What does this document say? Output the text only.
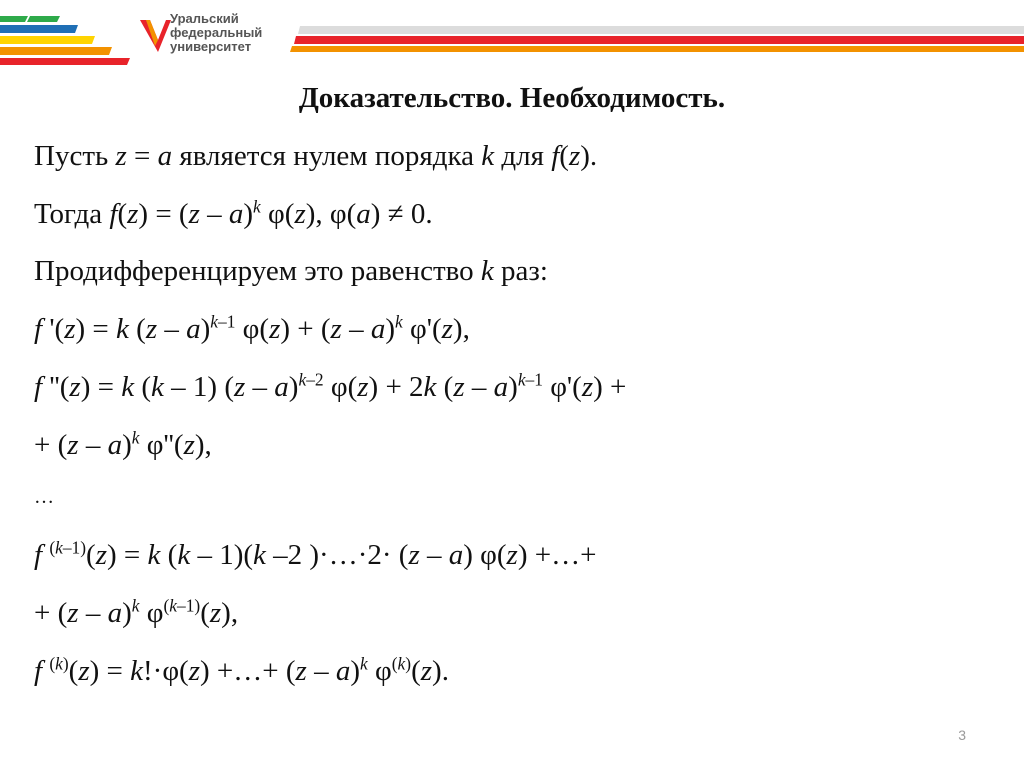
Уральский
федеральный
университет
Доказательство. Необходимость.
Пусть z = a является нулем порядка k для f(z).
Тогда f(z) = (z – a)$^k$ φ(z), φ(a) ≠ 0.
Продифференцируем это равенство k раз:
f '(z) = k (z – a)$^{k-1}$ φ(z) + (z – a)$^k$ φ'(z),
f ''(z) = k (k – 1) (z – a)$^{k-2}$ φ(z) + 2k (z – a)$^{k-1}$ φ'(z) +
+ (z – a)$^k$ φ''(z),
…
f $^{(k-1)}$(z) = k (k – 1)(k –2 )·…·2· (z – a) φ(z) +…+
+ (z – a)$^k$ $\varphi^{(k-1)}(z)$,
f $^{(k)}$(z) = k!·φ(z) +…+ (z – a)$^k$ $\varphi^{(k)}(z)$.
3
